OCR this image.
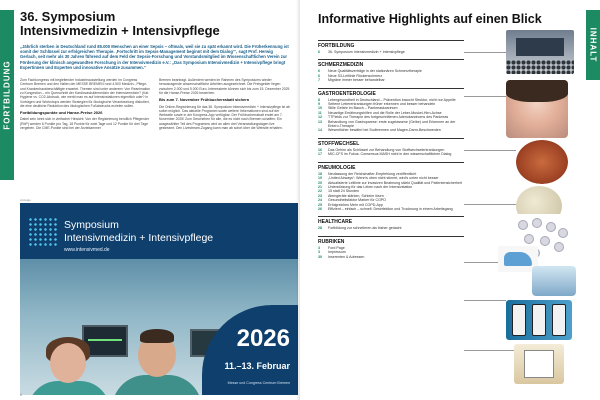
FORTBILDUNG
36. Symposium
Intensivmedizin + Intensivpflege

„Jährlich sterben in Deutschland rund 85.000 Menschen an einer Sepsis – oftmals, weil sie zu spät erkannt wird. Die Früherkennung ist somit der Schlüssel zur erfolgreichen Therapie. ‚Fortschritt im Sepsis-Management beginnt mit dem Dialog‘“, sagt Prof. Herwig Gerlach, seit mehr als 30 Jahren führend auf dem Feld der Sepsis-Forschung und Vorstandsmitglied im Wissenschaftlichen Verein zur Förderung der klinisch angewandten Forschung in der Intensivmedizin e.V.: „Das Symposium Intensivmedizin + Intensivpflege bringt Expertinnen und Experten und innovative Ansätze zusammen.“

Zum Fachkongress mit begleitender Industrieausstellung werden im Congress Centrum Bremen und den Hallen der MESSE BREMEN rund 4.500 Medizin-, Pflege- und Krankenhausbeschäftigte erwartet. Themen sind unter anderem: Von Reanimation zu Kongestion – ein Querschnitt der Kardiovaskulärmedizin der Intensivmedizin? (Kat. Hygiene vs. CO2-Abdruck, wie merkt man es auf Intensivstationen eigentlich oder? in Vorträgen und Workshops werden Strategien für ökologische Verantwortung diskutiert, die eine deutliche Reduktion des ökologischen Fußabdrucks erzielen sollen.

Fortbildungspunkte und Hanse-Preise 2026

Dabei sein lohnt sich in vielfacher Hinsicht: Von der Registrierung beruflich Pflegender (RbP) werden 6 Punkte pro Tag, 18 Punkte für zwei Tage und 12 Punkte für drei Tage vergeben. Die CME-Punkte sind bei der Ärztekammer

Bremen beantragt. Außerdem werden im Rahmen des Symposiums wieder herausragende wissenschaftliche Arbeiten ausgezeichnet. Die Preisgelder liegen zwischen 2.000 und 5.000 Euro. Interessierte können sich bis zum 15. Dezember 2025 für die Hanse-Preise 2026 bewerben.

Bis zum 7. November Frühbucherrabatt sichern

Die Online-Registrierung für das 36. Symposium Intensivmedizin + Intensivpflege ist ab sofort möglich. Das aktuelle Programm sowie weitere Informationen sind auf der Webseite sowie in der Kongress-App verfügbar. Der Frühbucherrabatt endet am 7. November 2025! Zum Geschehen für alle, die es nicht nach Bremen schaffen: Ein ausgewählter Teil des Programms wird an allen drei Veranstaltungstagen live gestreamt. Den Livestream-Zugang kann man ab sofort über die Website erhalten.

Anzeige
Symposium
Intensivmedizin + Intensivpflege
www.intensivmed.de
2026
11.–13. Februar
Messe und Congress Centrum Bremen
6
INHALT
Informative Highlights auf einen Blick
FORTBILDUNG
6	36. Symposium Intensivmedizin + Intensivpflege
SCHMERZMEDIZIN
6	Neue Qualitätsverträge in der stationären Schmerztherapie
6	Neue S3-Leitlinie Rückenschmerz
7	Migräne immer besser behandelbar
GASTROENTEROLOGIE
8	Lebergesundheit in Deutschland – Prävention braucht Struktur, nicht nur Appelle
9	Seltene Lebererkrankungen früher erkennen und besser behandeln
10	Stille Gefahr im Bauch – Pankreaskarzinom
11	Neuartige Ernährungshilfen und die Rolle der Leber-Muskel-Hirn-Achse
12	TTFields zur Therapie des fortgeschrittenen Adenokarzinoms des Pankreas
13	Behandlung von Gastroparese: erste zugelassene (Gelbe) und Erkennen an der Entero-Therapie
14	Wesentlicher bewährt bei Sodbrennen und Magen-Darm-Beschwerden
STOFFWECHSEL
16	Das Gehirn als Schlüssel zur Behandlung von Stoffwechselerkrankungen
17	MIC-CFS im Fokus: Consensus MASH nicht in den wissenschaftlichen Dialog
PNEUMOLOGIE
18	Neufassung der Reichshafter-Empfehlung veröffentlicht
19	„United Airways“: Wenn's oben nicht stimmt, wird's unten nicht besser
20	Aktualisierte Leitlinie zur invasiven Beatmung stärkt Qualität und Patientensicherheit
21	Unterstützung für das Leben nach der Intensivstation
22	15 statt 24 Stunden
23	Atemgeräte stärken, Schleim lösen
24	Gesundheitsfaktor Marker für COPD
25	Erfolgreiches Mehr mit COPD-App
26	Effizient – einfach – schnell: Desinfektion und Trocknung in einem Arbeitsgang
HEALTHCARE
28	Fortbildung zur schnelleren als bisher gedacht
RUBRIKEN
3	Ford Page
3	Impressum
30	Inserenten & Adressen
